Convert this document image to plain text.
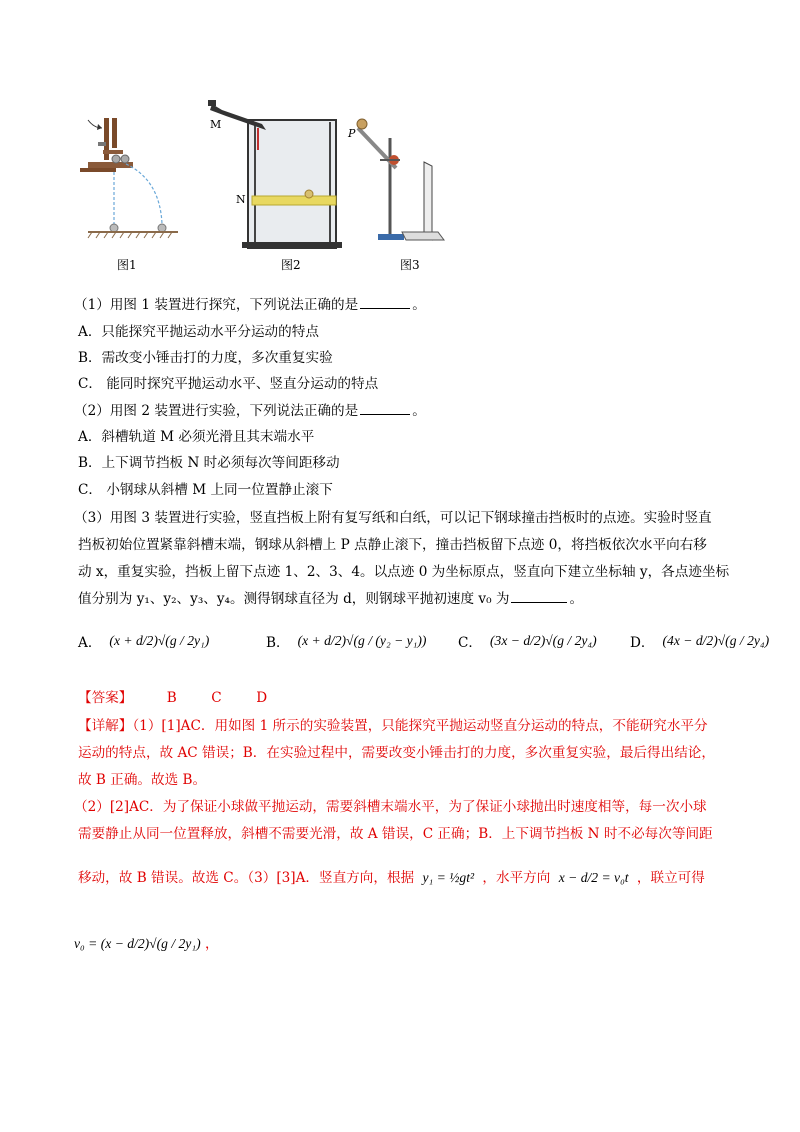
M
N
P
图1	图2	图3
（1）用图 1 装置进行探究，下列说法正确的是	。
A．只能探究平抛运动水平分运动的特点
B．需改变小锤击打的力度，多次重复实验
C． 能同时探究平抛运动水平、竖直分运动的特点
（2）用图 2 装置进行实验，下列说法正确的是	。
A．斜槽轨道 M 必须光滑且其末端水平
B．上下调节挡板 N 时必须每次等间距移动
C． 小钢球从斜槽 M 上同一位置静止滚下
（3）用图 3 装置进行实验，竖直挡板上附有复写纸和白纸，可以记下钢球撞击挡板时的点迹。实验时竖直
挡板初始位置紧靠斜槽末端，钢球从斜槽上 P 点静止滚下，撞击挡板留下点迹 0，将挡板依次水平向右移
动 x，重复实验，挡板上留下点迹 1、2、3、4。以点迹 0 为坐标原点，竖直向下建立坐标轴 y，各点迹坐标
值分别为 y₁、y₂、y₃、y₄。测得钢球直径为 d，则钢球平抛初速度 v₀ 为	。
A． (x + d/2)√(g / 2y₁)	B． (x + d/2)√(g / (y₂ − y₁)) C． (3x − d/2)√(g / 2y₄) D． (4x − d/2)√(g / 2y₄)
【答案】	B        C        D
【详解】（1）[1]AC．用如图 1 所示的实验装置，只能探究平抛运动竖直分运动的特点，不能研究水平分
运动的特点，故 AC 错误；B．在实验过程中，需要改变小锤击打的力度，多次重复实验，最后得出结论，
故 B 正确。故选 B。
（2）[2]AC．为了保证小球做平抛运动，需要斜槽末端水平，为了保证小球抛出时速度相等，每一次小球
需要静止从同一位置释放，斜槽不需要光滑，故 A 错误，C 正确；B．上下调节挡板 N 时不必每次等间距
移动，故 B 错误。故选 C。（3）[3]A．竖直方向，根据 y₁ = ½gt² ，水平方向 x − d/2 = v₀t ，联立可得
v₀ = (x − d/2)√(g / 2y₁) ，
